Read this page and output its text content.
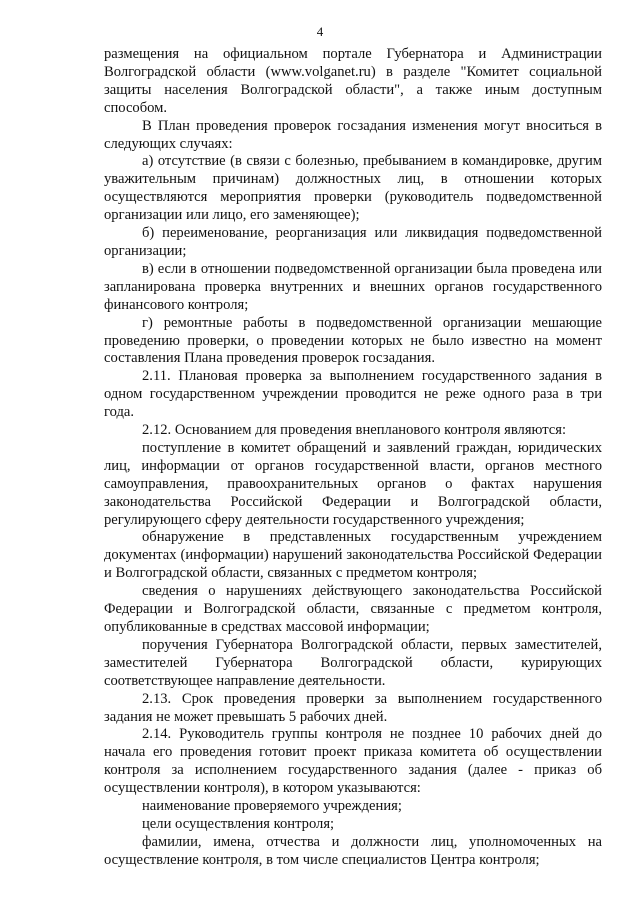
4

размещения на официальном портале Губернатора и Администрации Волгоградской области (www.volganet.ru) в разделе "Комитет социальной защиты населения Волгоградской области", а также иным доступным способом.

В План проведения проверок госзадания изменения могут вноситься в следующих случаях:

а) отсутствие (в связи с болезнью, пребыванием в командировке, другим уважительным причинам) должностных лиц, в отношении которых осуществляются мероприятия проверки (руководитель подведомственной организации или лицо, его заменяющее);

б) переименование, реорганизация или ликвидация подведомственной организации;

в) если в отношении подведомственной организации была проведена или запланирована проверка внутренних и внешних органов государственного финансового контроля;

г) ремонтные работы в подведомственной организации мешающие проведению проверки, о проведении которых не было известно на момент составления Плана проведения проверок госзадания.

2.11. Плановая проверка за выполнением государственного задания в одном государственном учреждении проводится не реже одного раза в три года.

2.12. Основанием для проведения внепланового контроля являются:

поступление в комитет обращений и заявлений граждан, юридических лиц, информации от органов государственной власти, органов местного самоуправления, правоохранительных органов о фактах нарушения законодательства Российской Федерации и Волгоградской области, регулирующего сферу деятельности государственного учреждения;

обнаружение в представленных государственным учреждением документах (информации) нарушений законодательства Российской Федерации и Волгоградской области, связанных с предметом контроля;

сведения о нарушениях действующего законодательства Российской Федерации и Волгоградской области, связанные с предметом контроля, опубликованные в средствах массовой информации;

поручения Губернатора Волгоградской области, первых заместителей, заместителей Губернатора Волгоградской области, курирующих соответствующее направление деятельности.

2.13. Срок проведения проверки за выполнением государственного задания не может превышать 5 рабочих дней.

2.14. Руководитель группы контроля не позднее 10 рабочих дней до начала его проведения готовит проект приказа комитета об осуществлении контроля за исполнением государственного задания (далее - приказ об осуществлении контроля), в котором указываются:

наименование проверяемого учреждения;

цели осуществления контроля;

фамилии, имена, отчества и должности лиц, уполномоченных на осуществление контроля, в том числе специалистов Центра контроля;
